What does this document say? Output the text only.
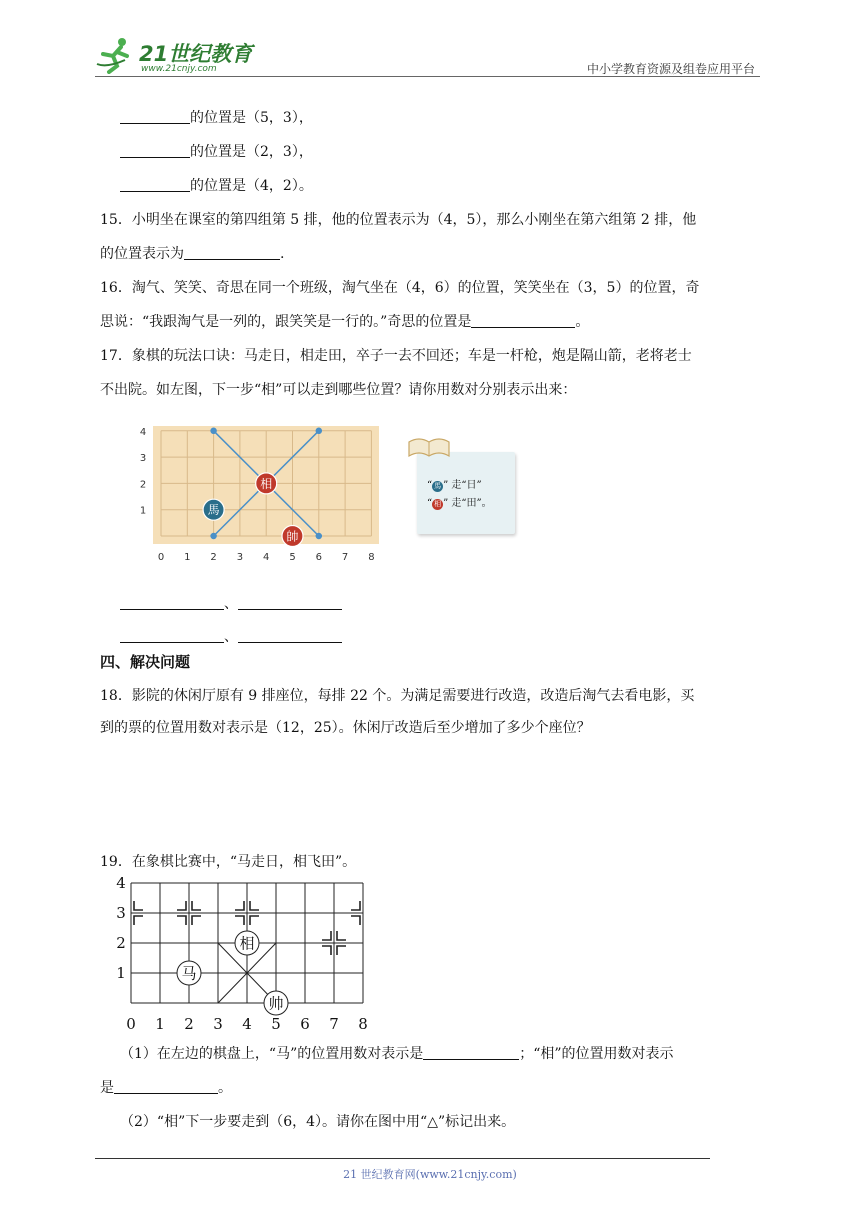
21世纪教育
www.21cnjy.com	中小学教育资源及组卷应用平台
的位置是（5，3），
的位置是（2，3），
的位置是（4，2）。
15．小明坐在课室的第四组第 5 排，他的位置表示为（4，5），那么小刚坐在第六组第 2 排，他
的位置表示为	.
16．淘气、笑笑、奇思在同一个班级，淘气坐在（4，6）的位置，笑笑坐在（3，5）的位置，奇
思说：“我跟淘气是一列的，跟笑笑是一行的。”奇思的位置是	。
17．象棋的玩法口诀：马走日，相走田，卒子一去不回还；车是一杆枪，炮是隔山箭，老将老士
不出院。如左图，下一步“相”可以走到哪些位置？请你用数对分别表示出来：
0 1 2 3 4 5 6 7 8
1
2
3
4
馬
相
帥
“ 馬 ” 走“日”
“ 相 ” 走“田”。
、
、
四、解决问题
18．影院的休闲厅原有 9 排座位，每排 22 个。为满足需要进行改造，改造后淘气去看电影，买
到的票的位置用数对表示是（12，25）。休闲厅改造后至少增加了多少个座位？
19．在象棋比赛中，“马走日，相飞田”。
0 1 2 3 4 5 6 7 8
1
2
3
4
马
相
帅
（1）在左边的棋盘上，“马”的位置用数对表示是	；“相”的位置用数对表示
是	。
（2）“相”下一步要走到（6，4）。请你在图中用“△”标记出来。
21 世纪教育网(www.21cnjy.com)
